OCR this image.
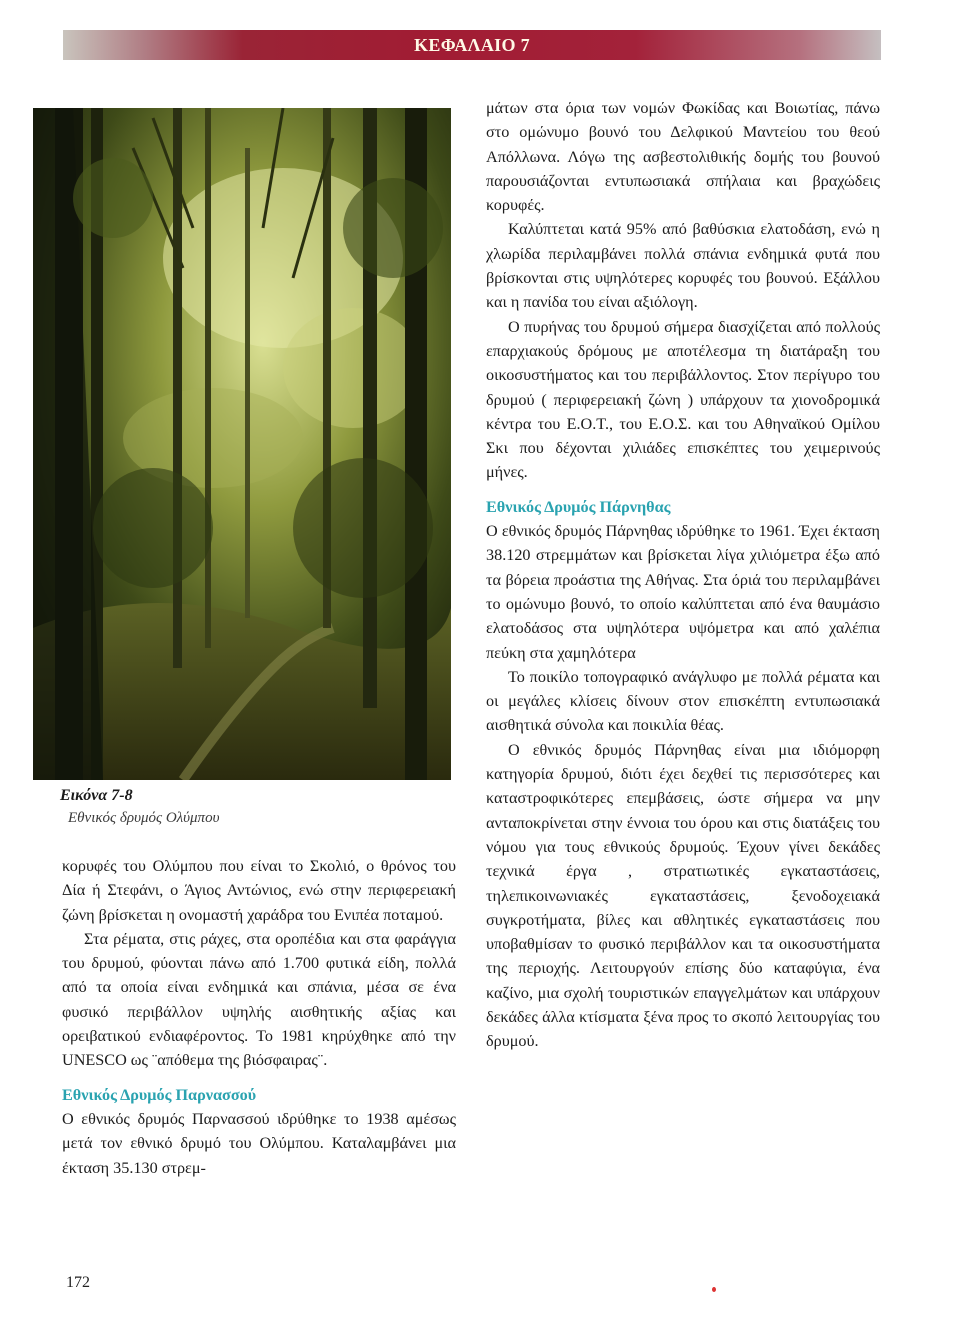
ΚΕΦΑΛΑΙΟ 7
Εικόνα 7-8
Εθνικός δρυμός Ολύμπου

κορυφές του Ολύμπου που είναι το Σκολιό, ο θρόνος του Δία ή Στεφάνι, ο Άγιος Αντώνιος, ενώ στην περιφερειακή ζώνη βρίσκεται η ονομαστή χαράδρα του Ενιπέα ποταμού.

Στα ρέματα, στις ράχες, στα οροπέδια και στα φαράγγια του δρυμού, φύονται πάνω από 1.700 φυτικά είδη, πολλά από τα οποία είναι ενδημικά και σπάνια, μέσα σε ένα φυσικό περιβάλλον υψηλής αισθητικής αξίας και ορειβατικού ενδιαφέροντος. Το 1981 κηρύχθηκε από την UNESCO ως ¨απόθεμα της βιόσφαιρας¨.

Εθνικός Δρυμός Παρνασσού

Ο εθνικός δρυμός Παρνασσού ιδρύθηκε το 1938 αμέσως μετά τον εθνικό δρυμό του Ολύμπου. Καταλαμβάνει μια έκταση 35.130 στρεμ-

μάτων στα όρια των νομών Φωκίδας και Βοιωτίας, πάνω στο ομώνυμο βουνό του Δελφικού Μαντείου του θεού Απόλλωνα. Λόγω της ασβεστολιθικής δομής του βουνού παρουσιάζονται εντυπωσιακά σπήλαια και βραχώδεις κορυφές.

Καλύπτεται κατά 95% από βαθύσκια ελατοδάση, ενώ η χλωρίδα περιλαμβάνει πολλά σπάνια ενδημικά φυτά που βρίσκονται στις υψηλότερες κορυφές του βουνού. Εξάλλου και η πανίδα του είναι αξιόλογη.

Ο πυρήνας του δρυμού σήμερα διασχίζεται από πολλούς επαρχιακούς δρόμους με αποτέλεσμα τη διατάραξη του οικοσυστήματος και του περιβάλλοντος. Στον περίγυρο του δρυμού ( περιφερειακή ζώνη ) υπάρχουν τα χιονοδρομικά κέντρα του Ε.Ο.Τ., του Ε.Ο.Σ. και του Αθηναϊκού Ομίλου Σκι που δέχονται χιλιάδες επισκέπτες του χειμερινούς μήνες.

Εθνικός Δρυμός Πάρνηθας

Ο εθνικός δρυμός Πάρνηθας ιδρύθηκε το 1961. Έχει έκταση 38.120 στρεμμάτων και βρίσκεται λίγα χιλιόμετρα έξω από τα βόρεια προάστια της Αθήνας. Στα όριά του περιλαμβάνει το ομώνυμο βουνό, το οποίο καλύπτεται από ένα θαυμάσιο ελατοδάσος στα υψηλότερα υψόμετρα και από χαλέπια πεύκη στα χαμηλότερα

Το ποικίλο τοπογραφικό ανάγλυφο με πολλά ρέματα και οι μεγάλες κλίσεις δίνουν στον επισκέπτη εντυπωσιακά αισθητικά σύνολα και ποικιλία θέας.

Ο εθνικός δρυμός Πάρνηθας είναι μια ιδιόμορφη κατηγορία δρυμού, διότι έχει δεχθεί τις περισσότερες και καταστροφικότερες επεμβάσεις, ώστε σήμερα να μην ανταποκρίνεται στην έννοια του όρου και στις διατάξεις του νόμου για τους εθνικούς δρυμούς. Έχουν γίνει δεκάδες τεχνικά έργα , στρατιωτικές εγκαταστάσεις, τηλεπικοινωνιακές εγκαταστάσεις, ξενοδοχειακά συγκροτήματα, βίλες και αθλητικές εγκαταστάσεις που υποβαθμίσαν το φυσικό περιβάλλον και τα οικοσυστήματα της περιοχής. Λειτουργούν επίσης δύο καταφύγια, ένα καζίνο, μια σχολή τουριστικών επαγγελμάτων και υπάρχουν δεκάδες άλλα κτίσματα ξένα προς το σκοπό λειτουργίας του δρυμού.

172
